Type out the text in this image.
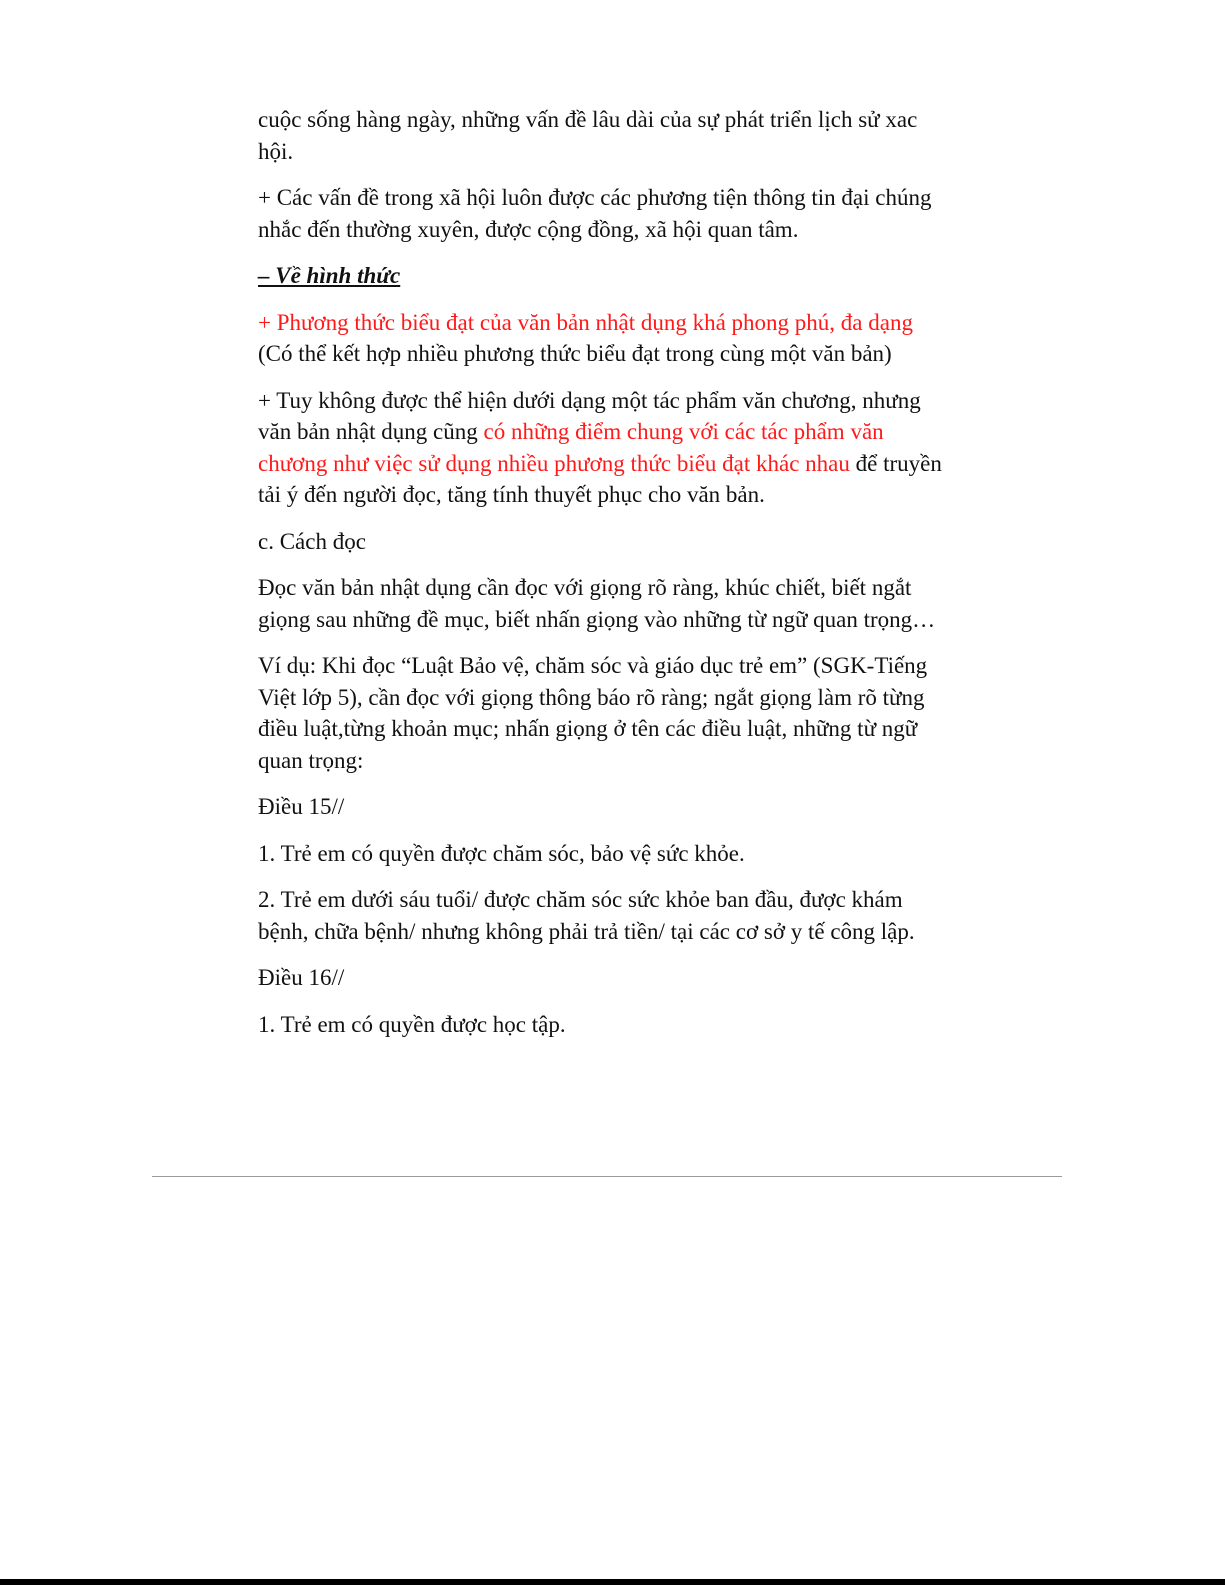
cuộc sống hàng ngày, những vấn đề lâu dài của sự phát triển lịch sử xac hội.

+ Các vấn đề trong xã hội luôn được các phương tiện thông tin đại chúng nhắc đến thường xuyên, được cộng đồng, xã hội quan tâm.

– Về hình thức

+ Phương thức biểu đạt của văn bản nhật dụng khá phong phú, đa dạng
(Có thể kết hợp nhiều phương thức biểu đạt trong cùng một văn bản)

+ Tuy không được thể hiện dưới dạng một tác phẩm văn chương, nhưng văn bản nhật dụng cũng có những điểm chung với các tác phẩm văn chương như việc sử dụng nhiều phương thức biểu đạt khác nhau để truyền tải ý đến người đọc, tăng tính thuyết phục cho văn bản.

c. Cách đọc

Đọc văn bản nhật dụng cần đọc với giọng rõ ràng, khúc chiết, biết ngắt giọng sau những đề mục, biết nhấn giọng vào những từ ngữ quan trọng…

Ví dụ: Khi đọc “Luật Bảo vệ, chăm sóc và giáo dục trẻ em” (SGK-Tiếng Việt lớp 5), cần đọc với giọng thông báo rõ ràng; ngắt giọng làm rõ từng điều luật,từng khoản mục; nhấn giọng ở tên các điều luật, những từ ngữ quan trọng:

Điều 15//

1. Trẻ em có quyền được chăm sóc, bảo vệ sức khỏe.

2. Trẻ em dưới sáu tuổi/ được chăm sóc sức khỏe ban đầu, được khám bệnh, chữa bệnh/ nhưng không phải trả tiền/ tại các cơ sở y tế công lập.

Điều 16//

1. Trẻ em có quyền được học tập.
